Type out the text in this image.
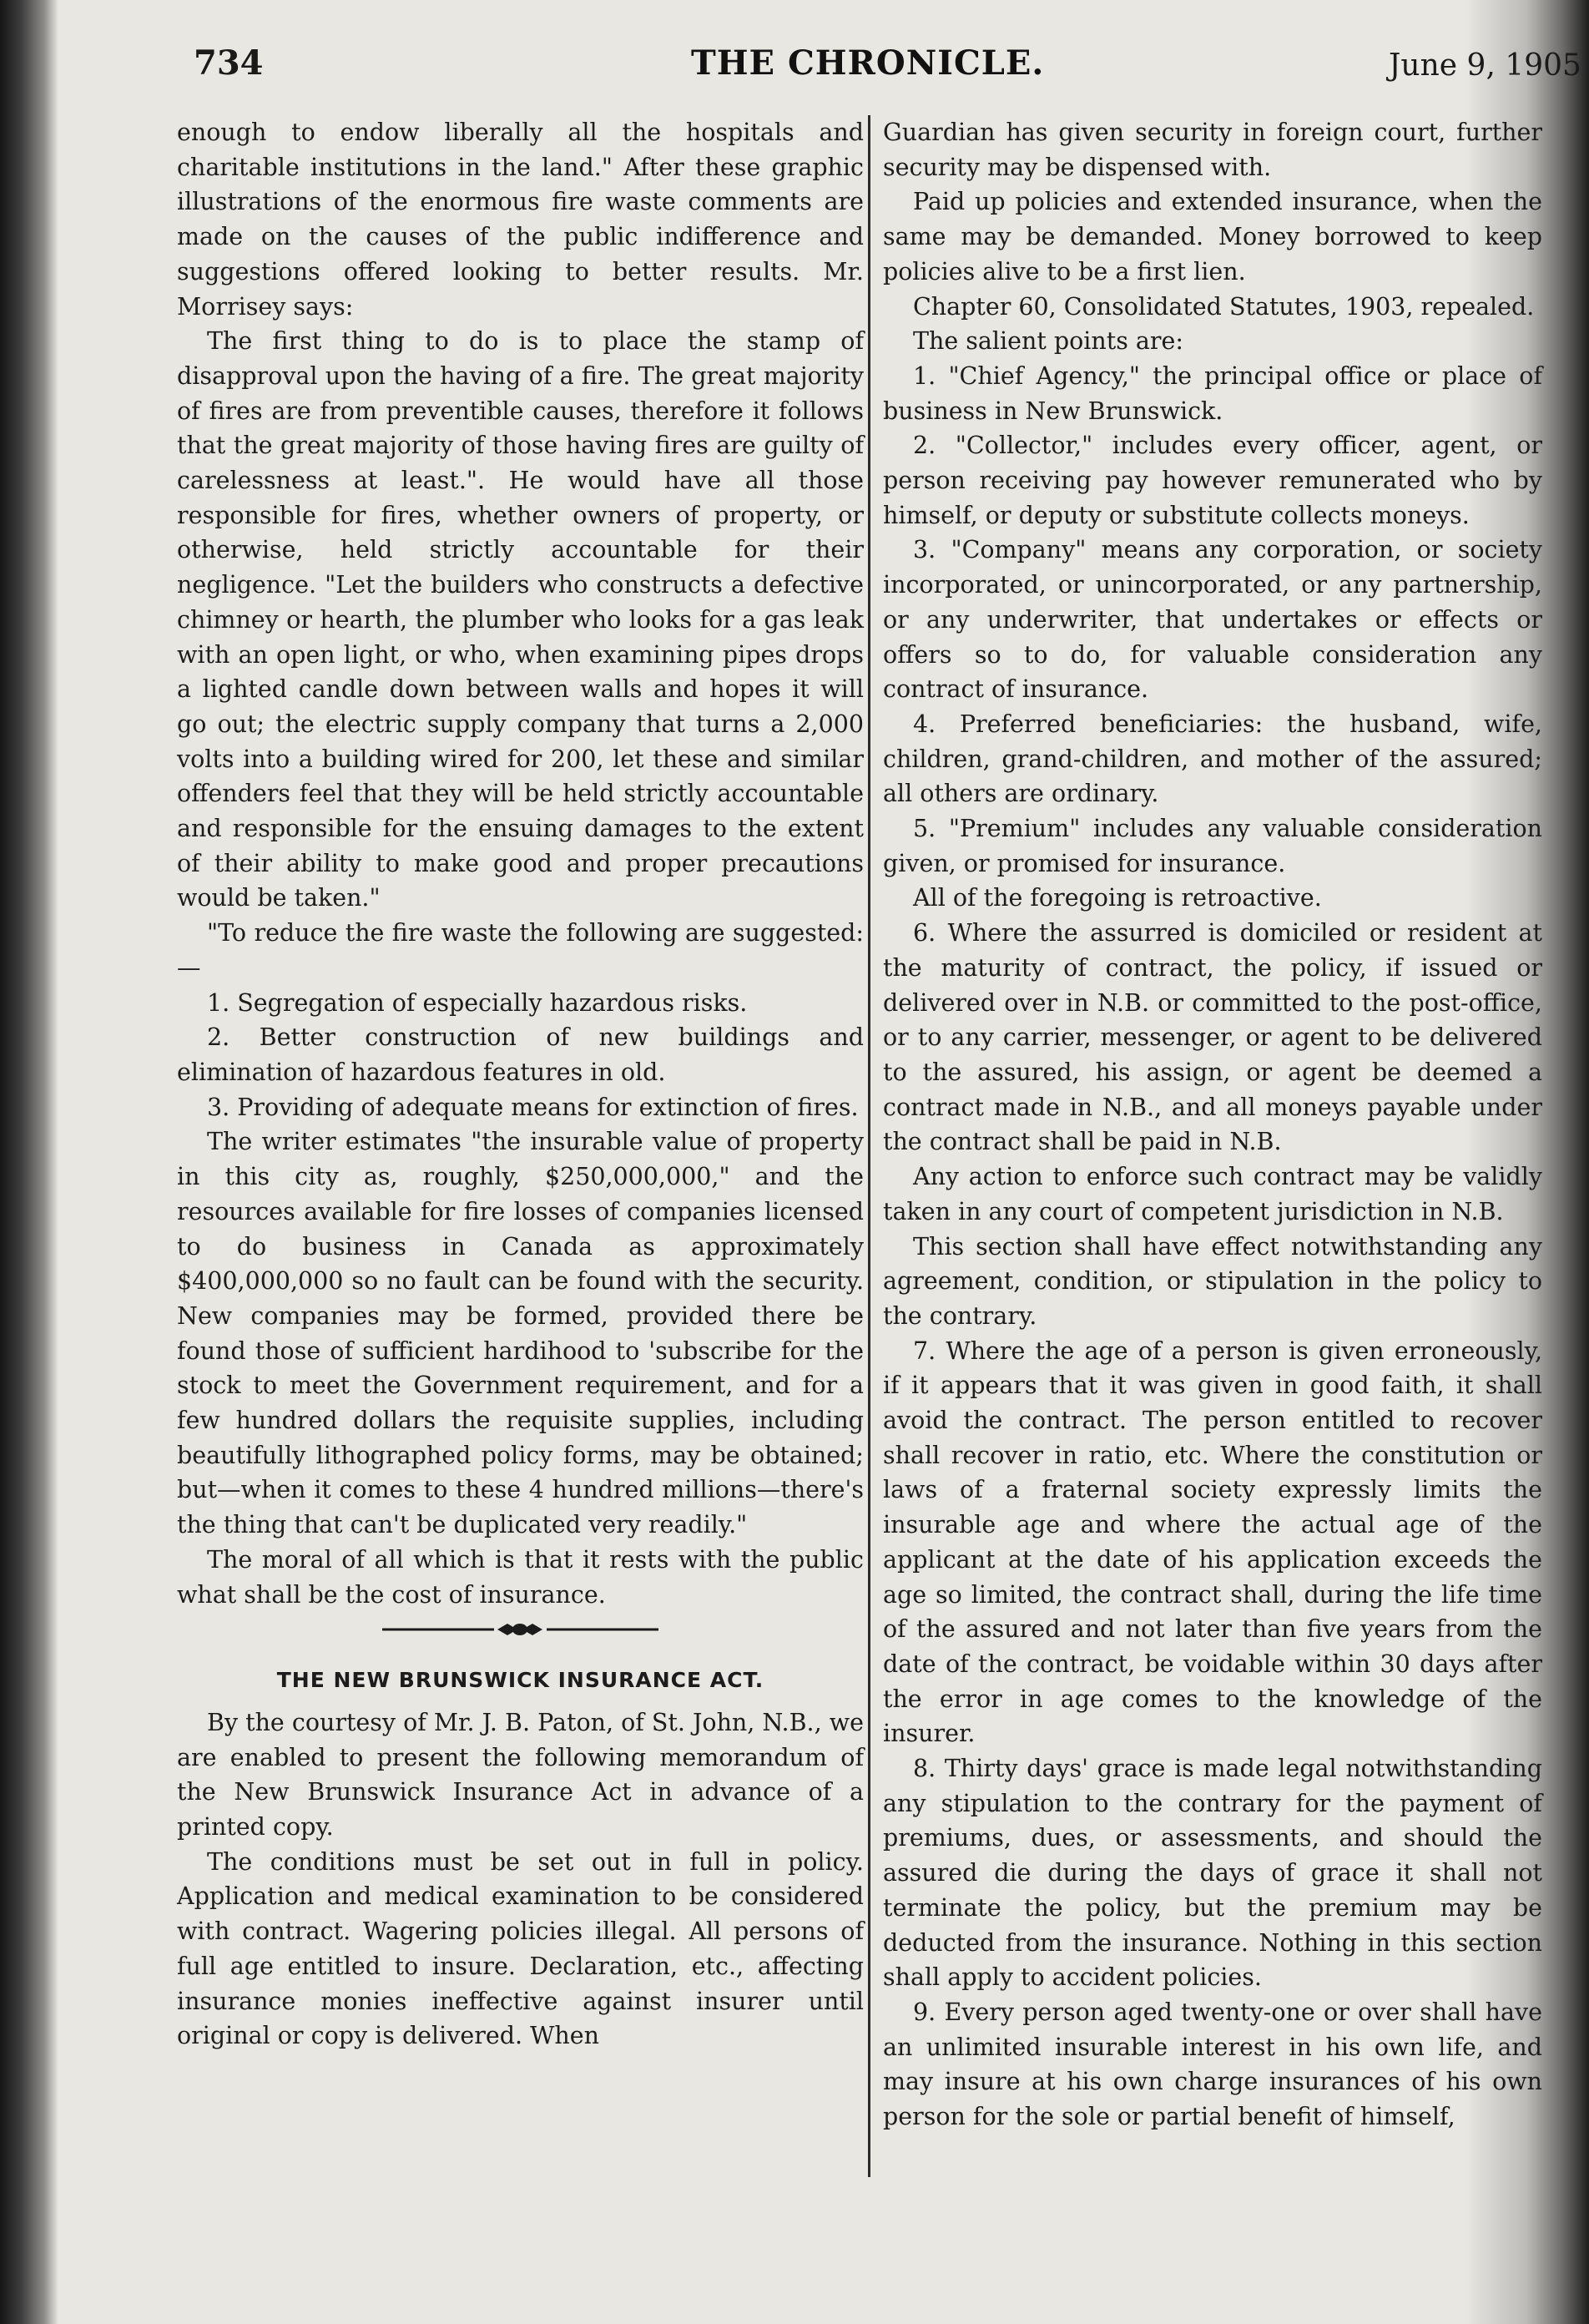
734	THE CHRONICLE.	June 9, 1905

enough to endow liberally all the hospitals and charitable institutions in the land." After these graphic illustrations of the enormous fire waste comments are made on the causes of the public indifference and suggestions offered looking to better results. Mr. Morrisey says:

The first thing to do is to place the stamp of disapproval upon the having of a fire. The great majority of fires are from preventible causes, therefore it follows that the great majority of those having fires are guilty of carelessness at least.". He would have all those responsible for fires, whether owners of property, or otherwise, held strictly accountable for their negligence. "Let the builders who constructs a defective chimney or hearth, the plumber who looks for a gas leak with an open light, or who, when examining pipes drops a lighted candle down between walls and hopes it will go out; the electric supply company that turns a 2,000 volts into a building wired for 200, let these and similar offenders feel that they will be held strictly accountable and responsible for the ensuing damages to the extent of their ability to make good and proper precautions would be taken."

"To reduce the fire waste the following are suggested:—

1. Segregation of especially hazardous risks.

2. Better construction of new buildings and elimination of hazardous features in old.

3. Providing of adequate means for extinction of fires.

The writer estimates "the insurable value of property in this city as, roughly, $250,000,000," and the resources available for fire losses of companies licensed to do business in Canada as approximately $400,000,000 so no fault can be found with the security. New companies may be formed, provided there be found those of sufficient hardihood to 'subscribe for the stock to meet the Government requirement, and for a few hundred dollars the requisite supplies, including beautifully lithographed policy forms, may be obtained; but—when it comes to these 4 hundred millions—there's the thing that can't be duplicated very readily."

The moral of all which is that it rests with the public what shall be the cost of insurance.

THE NEW BRUNSWICK INSURANCE ACT.

By the courtesy of Mr. J. B. Paton, of St. John, N.B., we are enabled to present the following memorandum of the New Brunswick Insurance Act in advance of a printed copy.

The conditions must be set out in full in policy. Application and medical examination to be considered with contract. Wagering policies illegal. All persons of full age entitled to insure. Declaration, etc., affecting insurance monies ineffective against insurer until original or copy is delivered. When

Guardian has given security in foreign court, further security may be dispensed with.

Paid up policies and extended insurance, when the same may be demanded. Money borrowed to keep policies alive to be a first lien.

Chapter 60, Consolidated Statutes, 1903, repealed.

The salient points are:

1. "Chief Agency," the principal office or place of business in New Brunswick.

2. "Collector," includes every officer, agent, or person receiving pay however remunerated who by himself, or deputy or substitute collects moneys.

3. "Company" means any corporation, or society incorporated, or unincorporated, or any partnership, or any underwriter, that undertakes or effects or offers so to do, for valuable consideration any contract of insurance.

4. Preferred beneficiaries: the husband, wife, children, grand-children, and mother of the assured; all others are ordinary.

5. "Premium" includes any valuable consideration given, or promised for insurance.

All of the foregoing is retroactive.

6. Where the assurred is domiciled or resident at the maturity of contract, the policy, if issued or delivered over in N.B. or committed to the post-office, or to any carrier, messenger, or agent to be delivered to the assured, his assign, or agent be deemed a contract made in N.B., and all moneys payable under the contract shall be paid in N.B.

Any action to enforce such contract may be validly taken in any court of competent jurisdiction in N.B.

This section shall have effect notwithstanding any agreement, condition, or stipulation in the policy to the contrary.

7. Where the age of a person is given erroneously, if it appears that it was given in good faith, it shall avoid the contract. The person entitled to recover shall recover in ratio, etc. Where the constitution or laws of a fraternal society expressly limits the insurable age and where the actual age of the applicant at the date of his application exceeds the age so limited, the contract shall, during the life time of the assured and not later than five years from the date of the contract, be voidable within 30 days after the error in age comes to the knowledge of the insurer.

8. Thirty days' grace is made legal notwithstanding any stipulation to the contrary for the payment of premiums, dues, or assessments, and should the assured die during the days of grace it shall not terminate the policy, but the premium may be deducted from the insurance. Nothing in this section shall apply to accident policies.

9. Every person aged twenty-one or over shall have an unlimited insurable interest in his own life, and may insure at his own charge insurances of his own person for the sole or partial benefit of himself,
